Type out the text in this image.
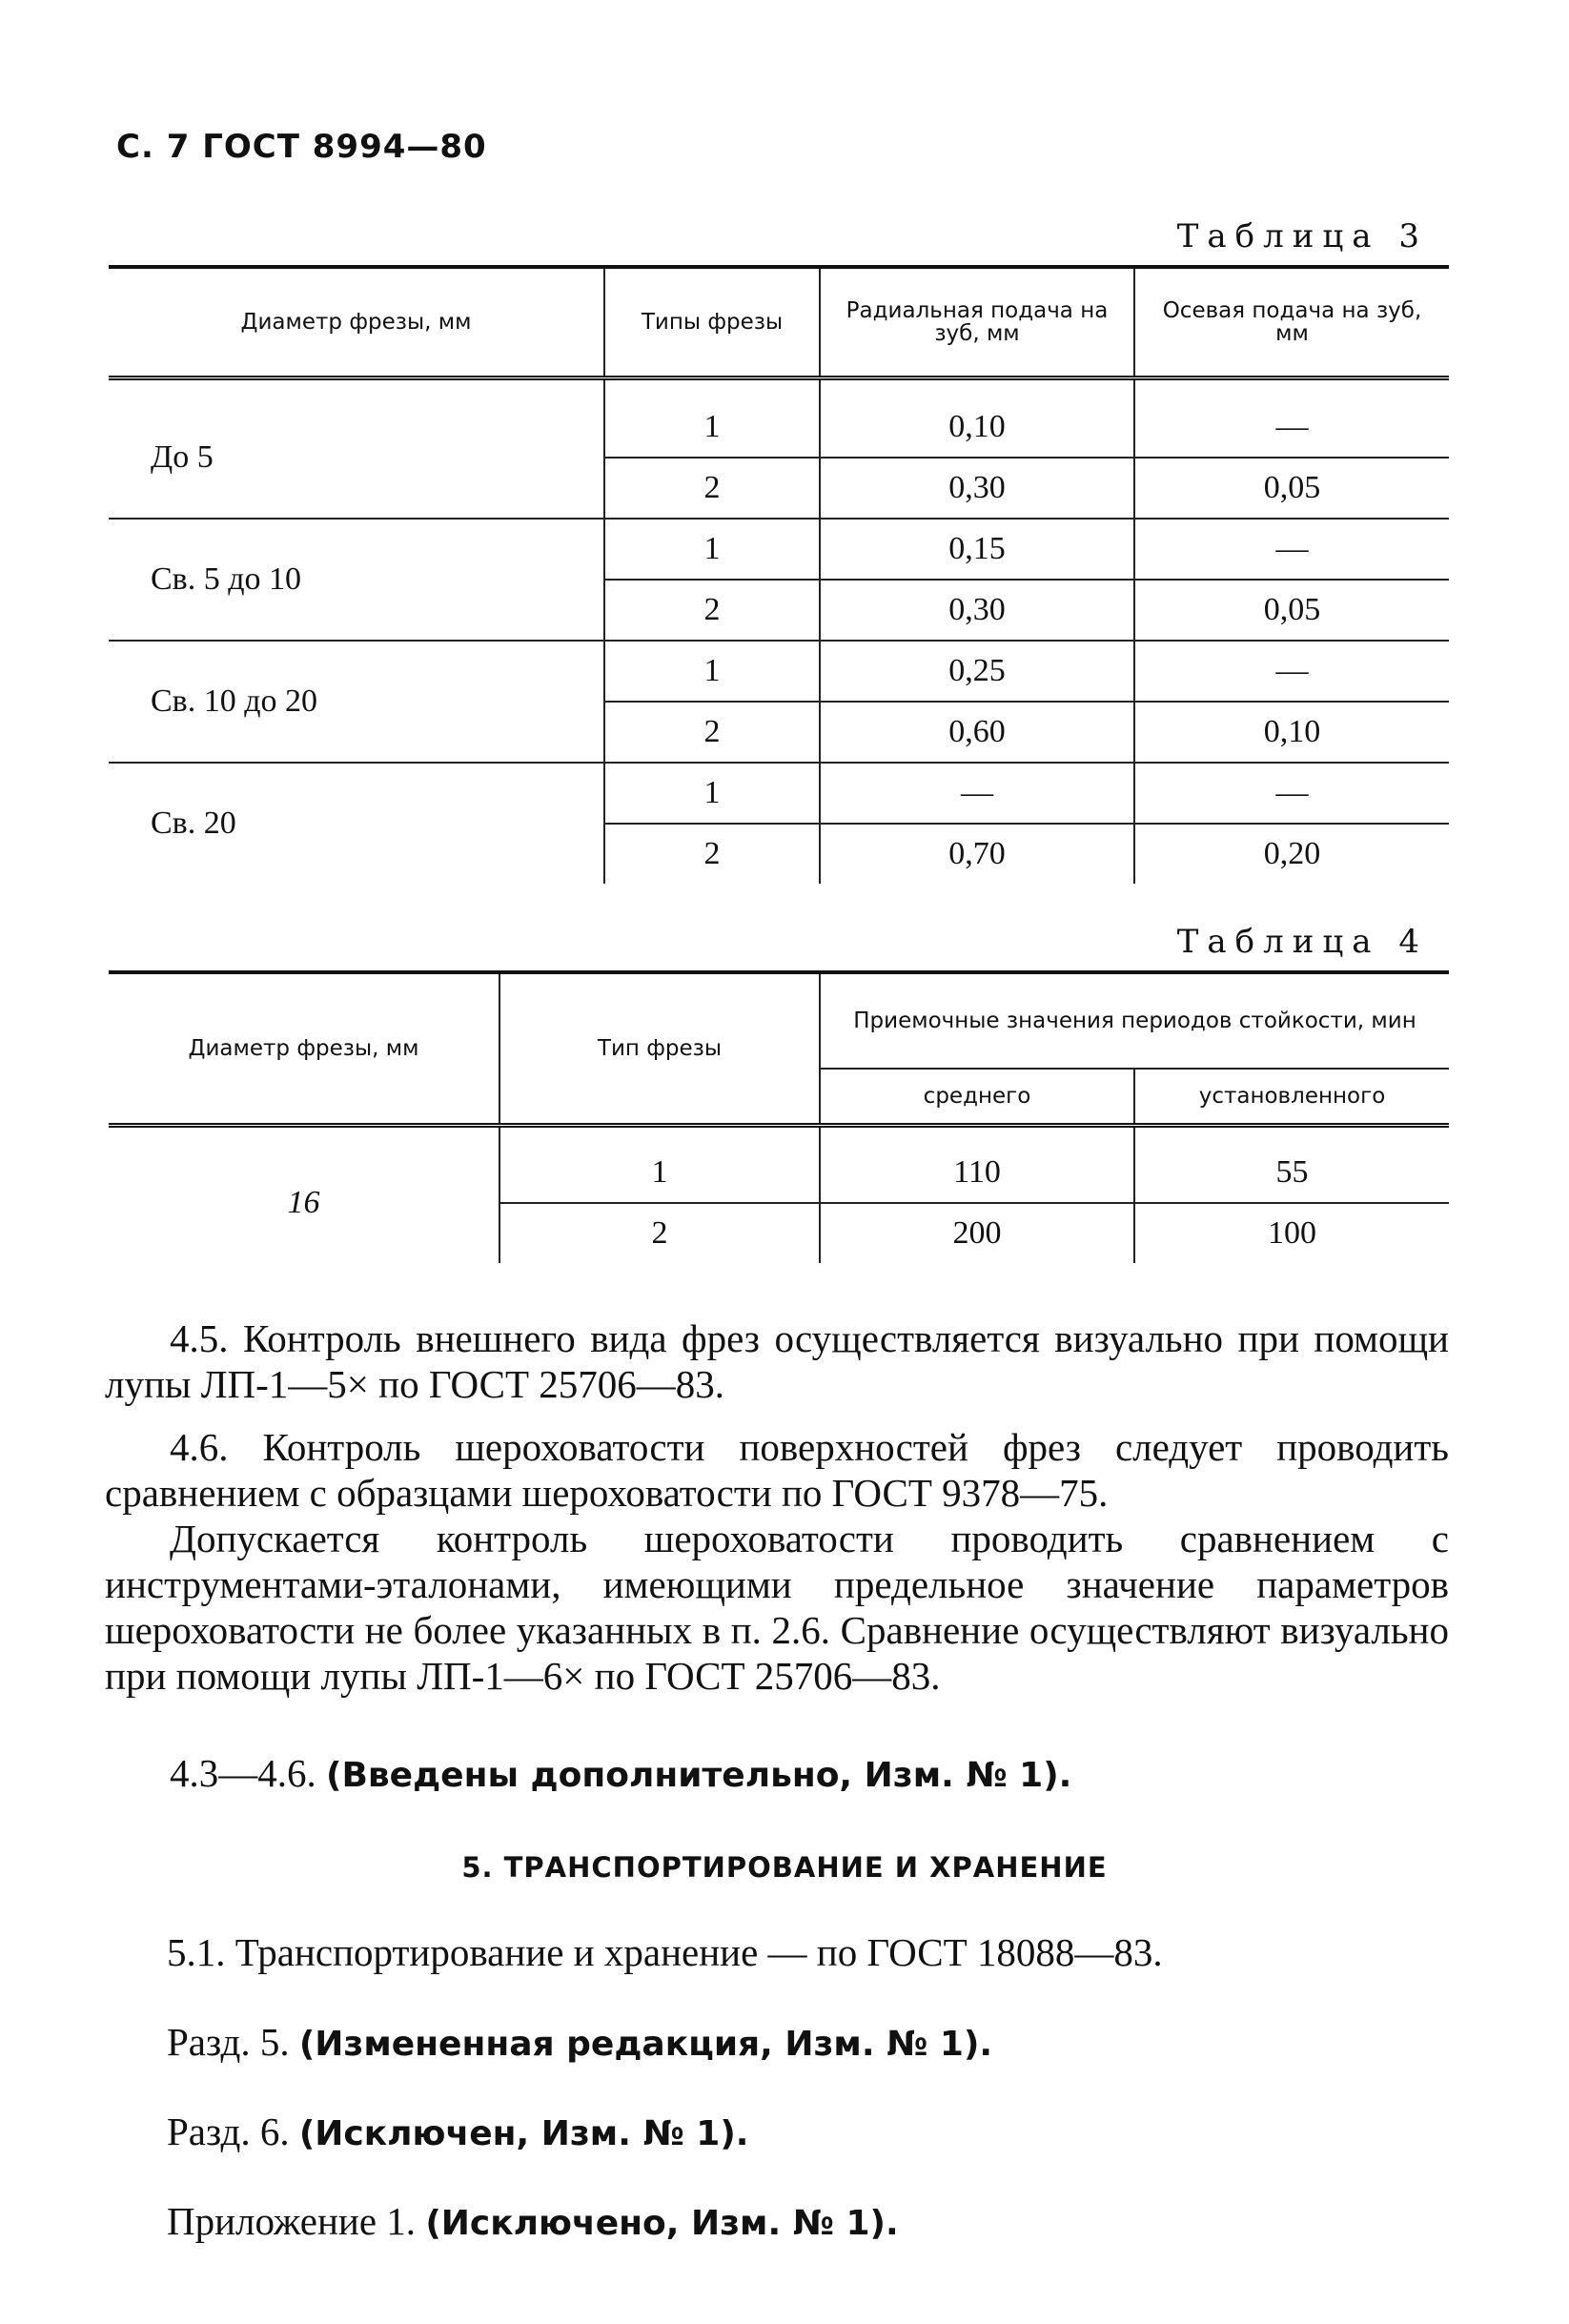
С. 7 ГОСТ 8994—80
Таблица 3
Диаметр фрезы, мм	Типы фрезы	Радиальная подача на зуб, мм	Осевая подача на зуб, мм

До 5	1	0,10	—
	2	0,30	0,05
Св. 5 до 10	1	0,15	—
	2	0,30	0,05
Св. 10 до 20	1	0,25	—
	2	0,60	0,10
Св. 20	1	—	—
	2	0,70	0,20
Таблица 4
Диаметр фрезы, мм	Тип фрезы	Приемочные значения периодов стойкости, мин	
		среднего	установленного

16	1	110	55
	2	200	100

4.5. Контроль внешнего вида фрез осуществляется визуально при помощи лупы ЛП-1—5× по ГОСТ 25706—83.

4.6. Контроль шероховатости поверхностей фрез следует проводить сравнением с образцами шероховатости по ГОСТ 9378—75.

Допускается контроль шероховатости проводить сравнением с инструментами-эталонами, имеющими предельное значение параметров шероховатости не более указанных в п. 2.6. Сравнение осуществляют визуально при помощи лупы ЛП-1—6× по ГОСТ 25706—83.

4.3—4.6. (Введены дополнительно, Изм. № 1).

5. ТРАНСПОРТИРОВАНИЕ И ХРАНЕНИЕ
5.1. Транспортирование и хранение — по ГОСТ 18088—83.
Разд. 5. (Измененная редакция, Изм. № 1).
Разд. 6. (Исключен, Изм. № 1).
Приложение 1. (Исключено, Изм. № 1).
